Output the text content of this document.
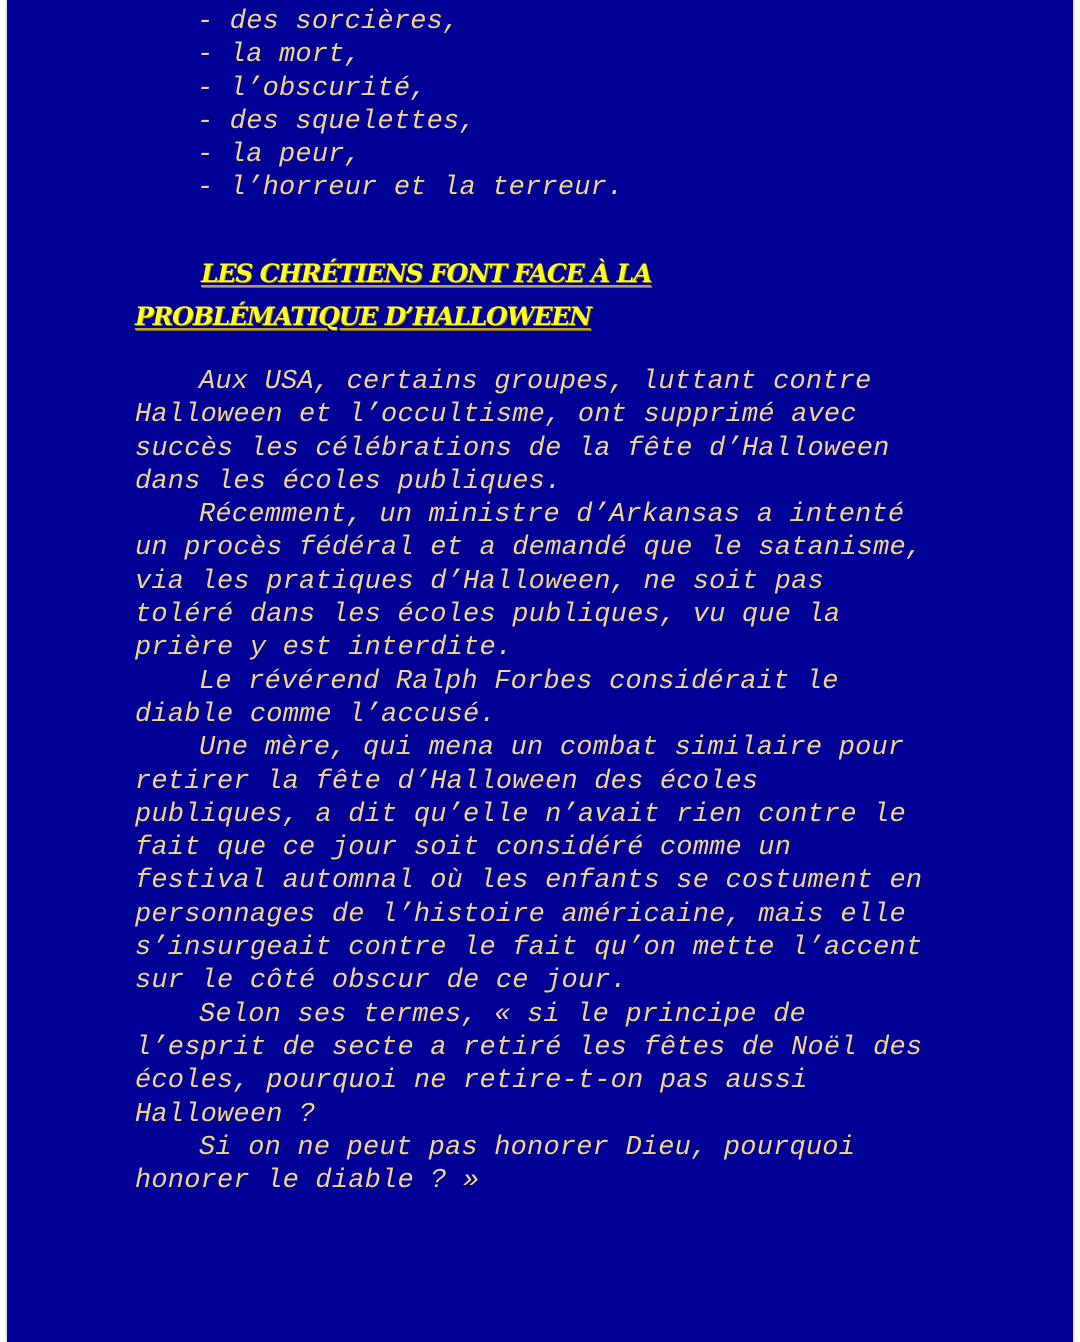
- des sorcières,
- la mort,
- l’obscurité,
- des squelettes,
- la peur,
- l’horreur et la terreur.
LES CHRÉTIENS FONT FACE À LA
PROBLÉMATIQUE D’HALLOWEEN

Aux USA, certains groupes, luttant contre
Halloween et l’occultisme, ont supprimé avec
succès les célébrations de la fête d’Halloween
dans les écoles publiques.

Récemment, un ministre d’Arkansas a intenté
un procès fédéral et a demandé que le satanisme,
via les pratiques d’Halloween, ne soit pas
toléré dans les écoles publiques, vu que la
prière y est interdite.

Le révérend Ralph Forbes considérait le
diable comme l’accusé.

Une mère, qui mena un combat similaire pour
retirer la fête d’Halloween des écoles
publiques, a dit qu’elle n’avait rien contre le
fait que ce jour soit considéré comme un
festival automnal où les enfants se costument en
personnages de l’histoire américaine, mais elle
s’insurgeait contre le fait qu’on mette l’accent
sur le côté obscur de ce jour.

Selon ses termes, « si le principe de
l’esprit de secte a retiré les fêtes de Noël des
écoles, pourquoi ne retire-t-on pas aussi
Halloween ?

Si on ne peut pas honorer Dieu, pourquoi
honorer le diable ? »
